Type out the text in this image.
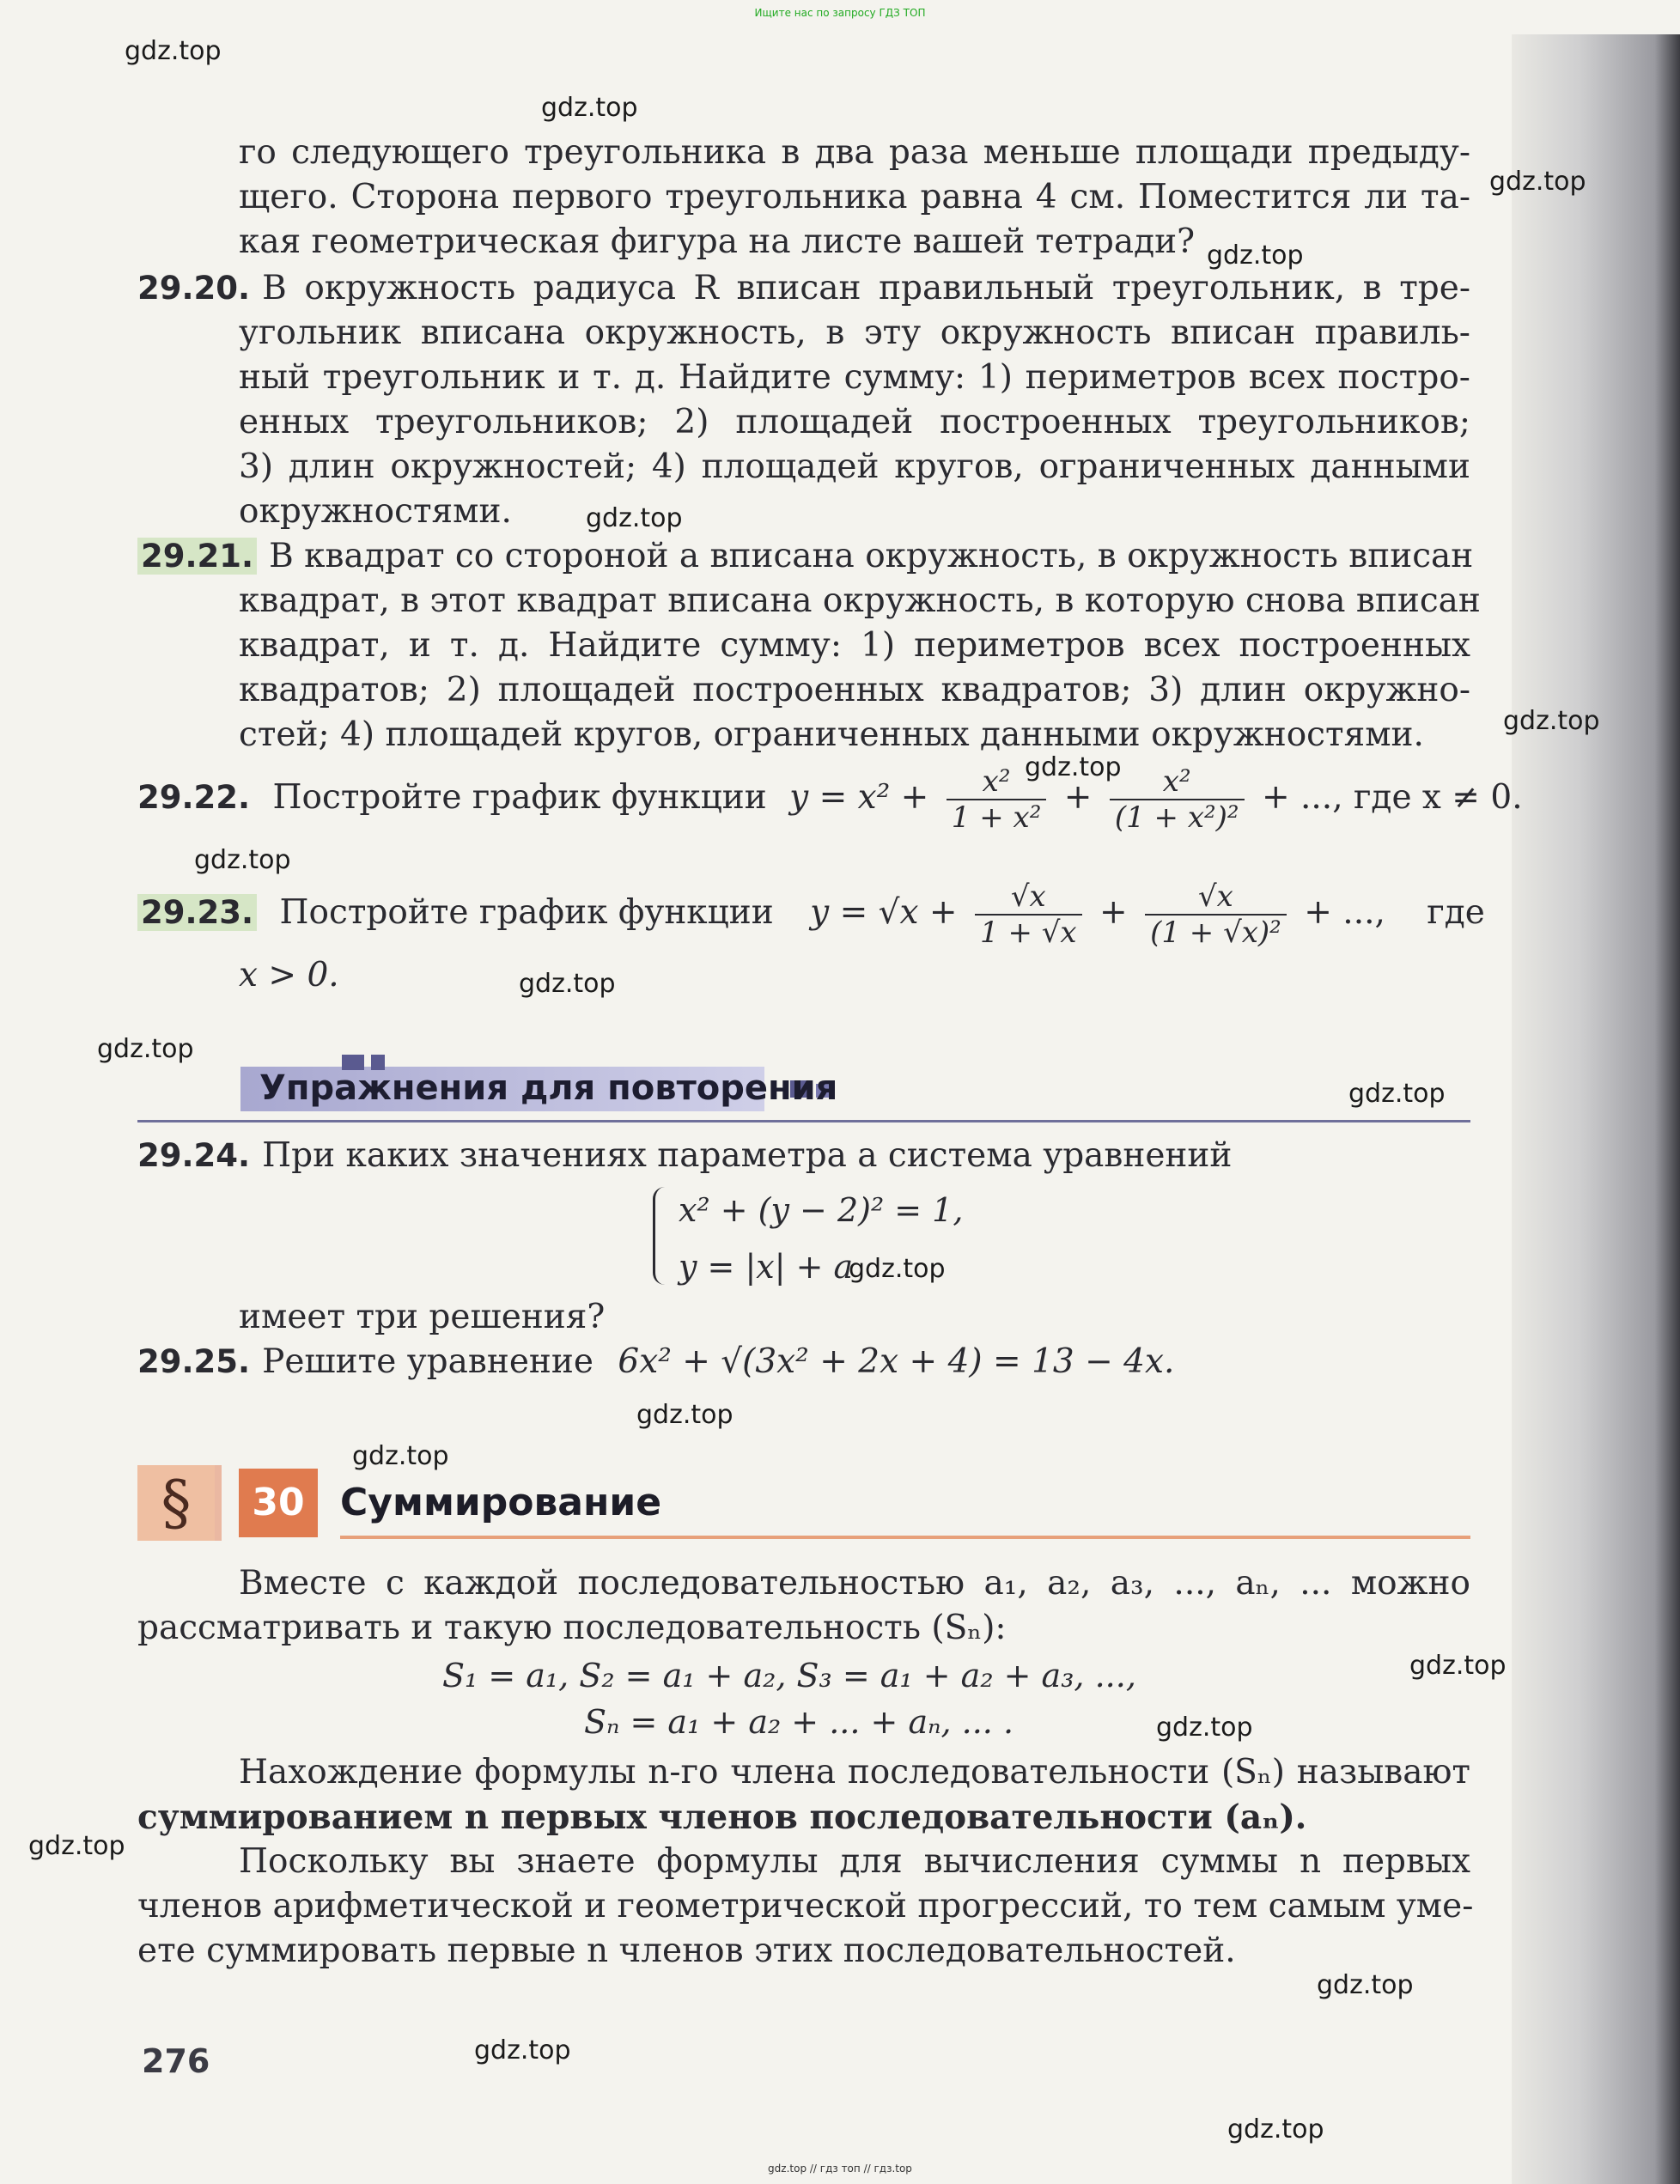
Ищите нас по запросу ГДЗ ТОП
gdz.top
gdz.top
gdz.top
gdz.top
gdz.top
gdz.top
gdz.top
gdz.top
gdz.top
gdz.top
gdz.top
gdz.top
gdz.top
gdz.top
gdz.top
gdz.top
gdz.top
gdz.top
gdz.top
gdz.top
го следующего треугольника в два раза меньше площади предыду-
щего. Сторона первого треугольника равна 4 см. Поместится ли та-
кая геометрическая фигура на листе вашей тетради?
29.20. В окружность радиуса R вписан правильный треугольник, в тре-
угольник вписана окружность, в эту окружность вписан правиль-
ный треугольник и т. д. Найдите сумму: 1) периметров всех постро-
енных треугольников; 2) площадей построенных треугольников;
3) длин окружностей; 4) площадей кругов, ограниченных данными
окружностями.
29.21. В квадрат со стороной a вписана окружность, в окружность вписан
квадрат, в этот квадрат вписана окружность, в которую снова вписан
квадрат, и т. д. Найдите сумму: 1) периметров всех построенных
квадратов; 2) площадей построенных квадратов; 3) длин окружно-
стей; 4) площадей кругов, ограниченных данными окружностями.
29.22. Постройте график функции $y = x^2 + \frac{\text{x²}}{\text{1 + x²}} + \frac{\text{x²}}{\text{(1 + x²)²}}$ + ..., где x ≠ 0.
29.23. Постройте график функции $y = √x + \frac{√x}{1 + √x} + \frac{√x}{\text{(1 + √x)²}}$ + ..., где
x > 0.
Упражнения для повторения
29.24. При каких значениях параметра a система уравнений
x² + (y − 2)² = 1,
y = |x| + a
имеет три решения?
29.25. Решите уравнение 6x² + √(3x² + 2x + 4) = 13 − 4x.
§	30 Суммирование
Вместе с каждой последовательностью a₁, a₂, a₃, ..., aₙ, ... можно
рассматривать и такую последовательность (Sₙ):
S₁ = a₁, S₂ = a₁ + a₂, S₃ = a₁ + a₂ + a₃, ...,
Sₙ = a₁ + a₂ + ... + aₙ, ... .
Нахождение формулы n-го члена последовательности (Sₙ) называют
суммированием n первых членов последовательности (aₙ).
Поскольку вы знаете формулы для вычисления суммы n первых
членов арифметической и геометрической прогрессий, то тем самым уме-
ете суммировать первые n членов этих последовательностей.
276
gdz.top // гдз топ // гдз.top
